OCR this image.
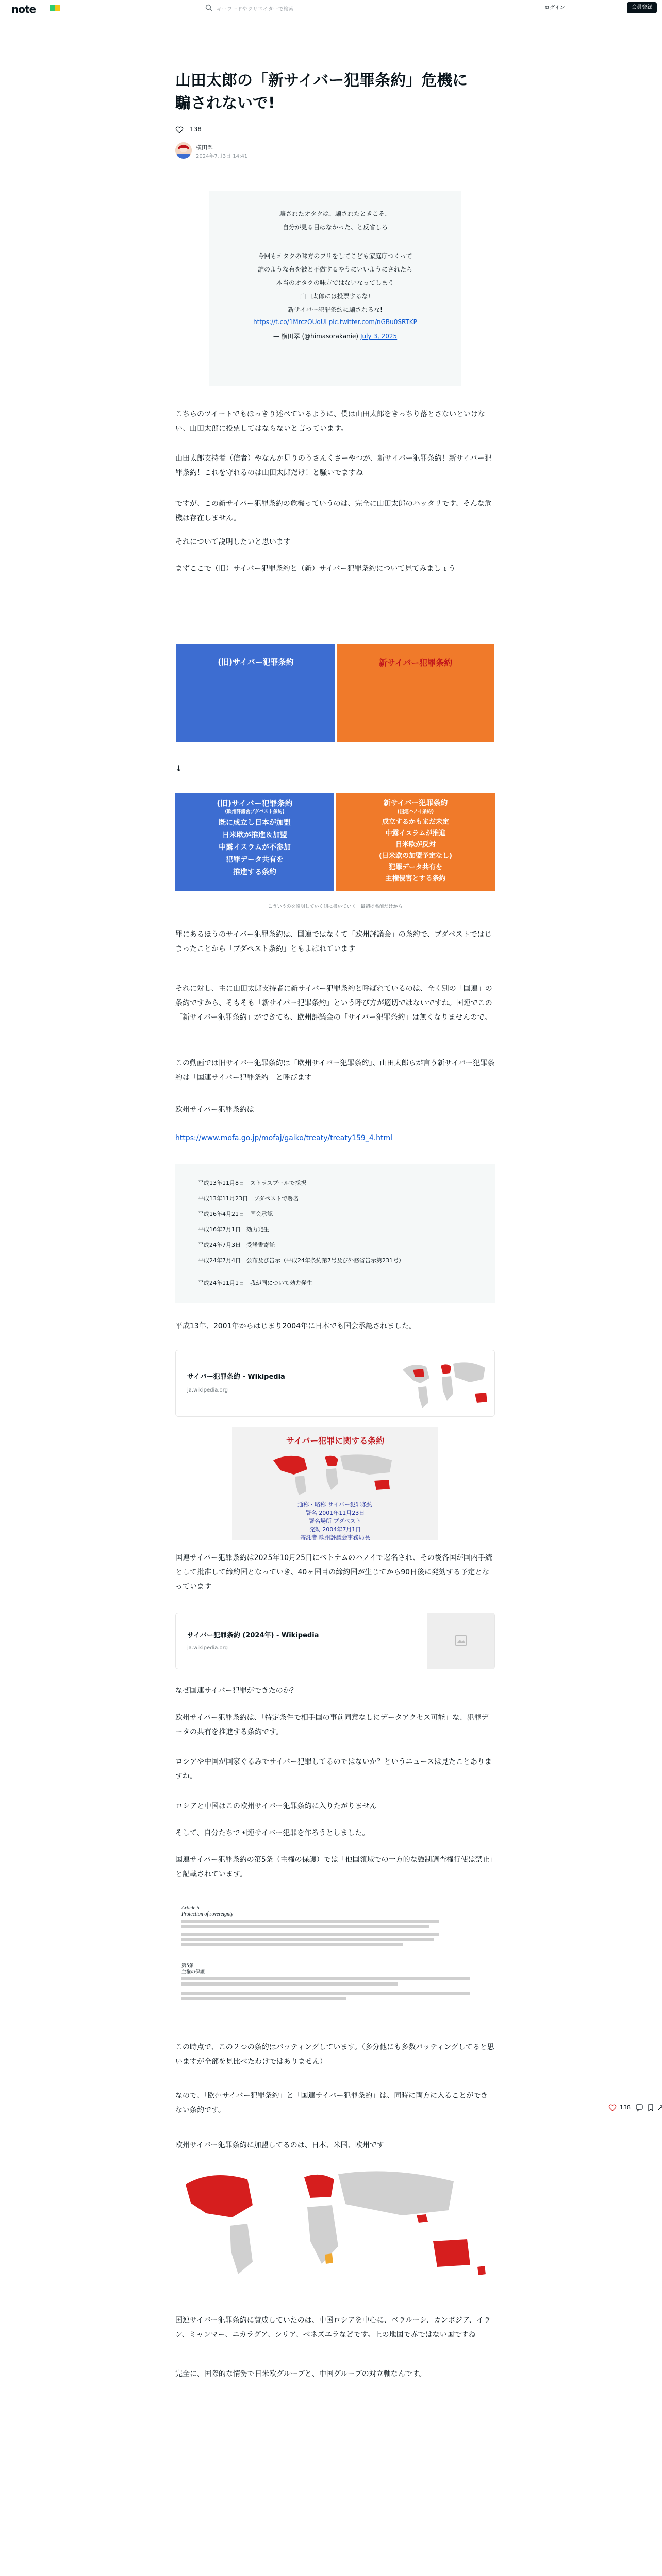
note	キーワードやクリエイターで検索	ログイン	会員登録
山田太郎の「新サイバー犯罪条約」危機に
騙されないで!
138
横田翠
2024年7月3日 14:41
騙されたオタクは、騙されたときこそ、
自分が見る目はなかった、と反省しろ
今回もオタクの味方のフリをしてこども家庭庁つくって
誰のような有を被と不做するやうにいいようにされたら
本当のオタクの味方ではないなってしまう
山田太郎には投票するな!
新サイバー犯罪条約に騙されるな!
https://t.co/1MrczOUoUi pic.twitter.com/nGBu0SRTKP
— 横田翠 (@himasorakanie) July 3, 2025
こちらのツイートでもほっきり述べているように、僕は山田太郎をきっちり落とさないといけない、山田太郎に投票してはならないと言っています。
山田太郎支持者（信者）やなんか見りのうさんくさーやつが、新サイバー犯罪条約！新サイバー犯罪条約！これを守れるのは山田太郎だけ！と騒いでますね
ですが、この新サイバー犯罪条約の危機っていうのは、完全に山田太郎のハッタリです、そんな危機は存在しません。
それについて説明したいと思います
まずここで（旧）サイバー犯罪条約と（新）サイバー犯罪条約について見てみましょう
(旧)サイバー犯罪条約	新サイバー犯罪条約
↓
(旧)サイバー犯罪条約
(欧州評議会ブダペスト条約)
既に成立し日本が加盟
日米欧が推進＆加盟
中露イスラムが不参加
犯罪データ共有を
推進する条約
新サイバー犯罪条約
(国連ハノイ条約)
成立するかもまだ未定
中露イスラムが推進
日米欧が反対
(日米欧の加盟予定なし)
犯罪データ共有を
主権侵害とする条約
こういうのを説明していく側に書いていく　最初は名前だけから
罪にあるほうのサイバー犯罪条約は、国連ではなくて「欧州評議会」の条約で、ブダペストではじまったことから「ブダペスト条約」ともよばれています
それに対し、主に山田太郎支持者に新サイバー犯罪条約と呼ばれているのは、全く別の「国連」の条約ですから、そもそも「新サイバー犯罪条約」という呼び方が適切ではないですね。国連でこの「新サイバー犯罪条約」ができても、欧州評議会の「サイバー犯罪条約」は無くなりませんので。
この動画では旧サイバー犯罪条約は「欧州サイバー犯罪条約」、山田太郎らが言う新サイバー犯罪条約は「国連サイバー犯罪条約」と呼びます
欧州サイバー犯罪条約は
https://www.mofa.go.jp/mofaj/gaiko/treaty/treaty159_4.html
平成13年11月8日　ストラスブールで採択
平成13年11月23日　ブダペストで署名
平成16年4月21日　国会承認
平成16年7月1日　効力発生
平成24年7月3日　受諾書寄託
平成24年7月4日　公布及び告示（平成24年条約第7号及び外務省告示第231号）
平成24年11月1日　我が国について効力発生
平成13年、2001年からはじまり2004年に日本でも国会承認されました。
サイバー犯罪条約 - Wikipedia
ja.wikipedia.org
サイバー犯罪に関する条約
通称・略称 サイバー犯罪条約
署名 2001年11月23日
署名場所 ブダペスト
発効 2004年7月1日
寄託者 欧州評議会事務局長
国連サイバー犯罪条約は2025年10月25日にベトナムのハノイで署名され、その後各国が国内手続として批准して締約国となっていき、40ヶ国目の締約国が生じてから90日後に発効する予定となっています
サイバー犯罪条約 (2024年) - Wikipedia
ja.wikipedia.org
なぜ国連サイバー犯罪ができたのか？
欧州サイバー犯罪条約は、「特定条件で相手国の事前同意なしにデータアクセス可能」な、犯罪データの共有を推進する条約です。
ロシアや中国が国家ぐるみでサイバー犯罪してるのではないか？というニュースは見たことありますね。
ロシアと中国はこの欧州サイバー犯罪条約に入りたがりません
そして、自分たちで国連サイバー犯罪を作ろうとしました。
国連サイバー犯罪条約の第5条（主権の保護）では「他国領域での一方的な強制調査権行使は禁止」と記載されています。
Article 5
Protection of sovereignty
第5条
主権の保護
この時点で、この２つの条約はバッティングしています。（多分他にも多数バッティングしてると思いますが全部を見比べたわけではありません）
なので、「欧州サイバー犯罪条約」と「国連サイバー犯罪条約」は、同時に両方に入ることができない条約です。
欧州サイバー犯罪条約に加盟してるのは、日本、米国、欧州です
国連サイバー犯罪条約に賛成していたのは、中国ロシアを中心に、ベラルーシ、カンボジア、イラン、ミャンマー、ニカラグア、シリア、ベネズエラなどです。上の地図で赤ではない国ですね
完全に、国際的な情勢で日米欧グループと、中国グループの対立軸なんです。
138
